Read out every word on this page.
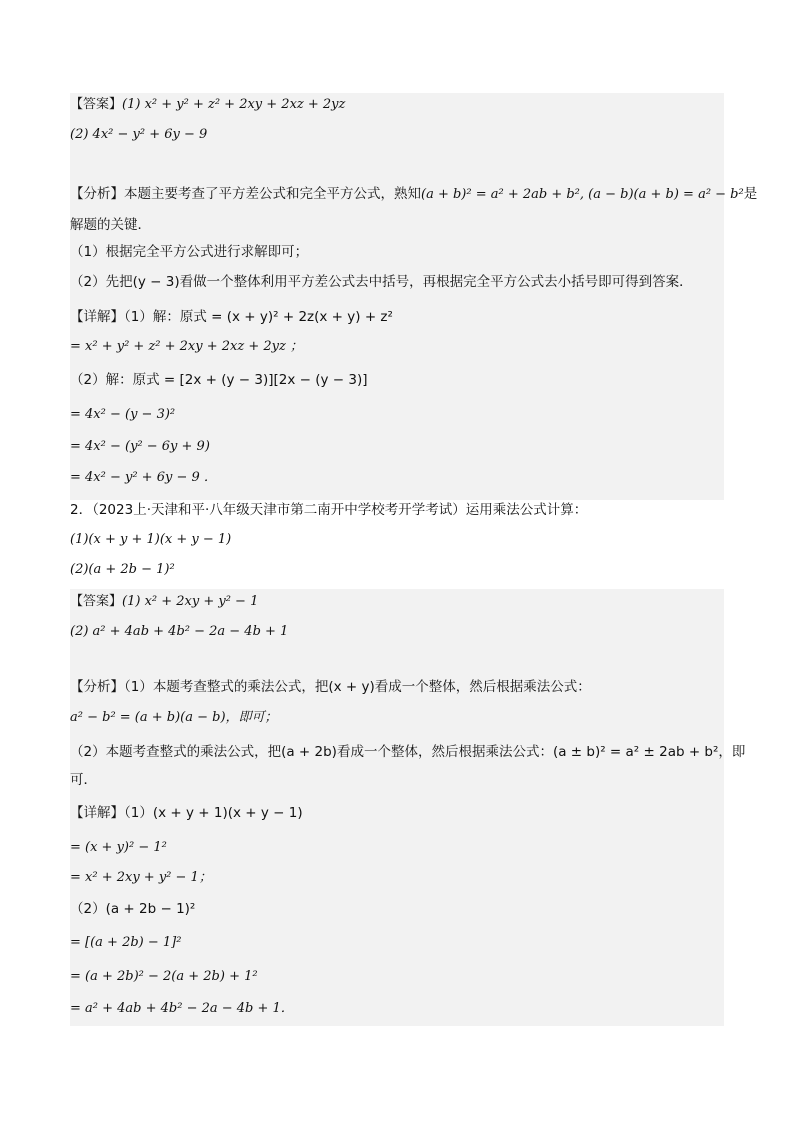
【答案】(1) x² + y² + z² + 2xy + 2xz + 2yz
(2) 4x² − y² + 6y − 9
【分析】本题主要考查了平方差公式和完全平方公式，熟知(a + b)² = a² + 2ab + b², (a − b)(a + b) = a² − b²是
解题的关键．
（1）根据完全平方公式进行求解即可；
（2）先把(y − 3)看做一个整体利用平方差公式去中括号，再根据完全平方公式去小括号即可得到答案．
【详解】（1）解：原式 = (x + y)² + 2z(x + y) + z²
= x² + y² + z² + 2xy + 2xz + 2yz ；
（2）解：原式 = [2x + (y − 3)][2x − (y − 3)]
= 4x² − (y − 3)²
= 4x² − (y² − 6y + 9)
= 4x² − y² + 6y − 9 ．
2．（2023上·天津和平·八年级天津市第二南开中学校考开学考试）运用乘法公式计算：
(1)(x + y + 1)(x + y − 1)
(2)(a + 2b − 1)²
【答案】(1) x² + 2xy + y² − 1
(2) a² + 4ab + 4b² − 2a − 4b + 1
【分析】（1）本题考查整式的乘法公式，把(x + y)看成一个整体，然后根据乘法公式：
a² − b² = (a + b)(a − b)，即可；
（2）本题考查整式的乘法公式，把(a + 2b)看成一个整体，然后根据乘法公式：(a ± b)² = a² ± 2ab + b²，即
可．
【详解】（1）(x + y + 1)(x + y − 1)
= (x + y)² − 1²
= x² + 2xy + y² − 1；
（2）(a + 2b − 1)²
= [(a + 2b) − 1]²
= (a + 2b)² − 2(a + 2b) + 1²
= a² + 4ab + 4b² − 2a − 4b + 1．
